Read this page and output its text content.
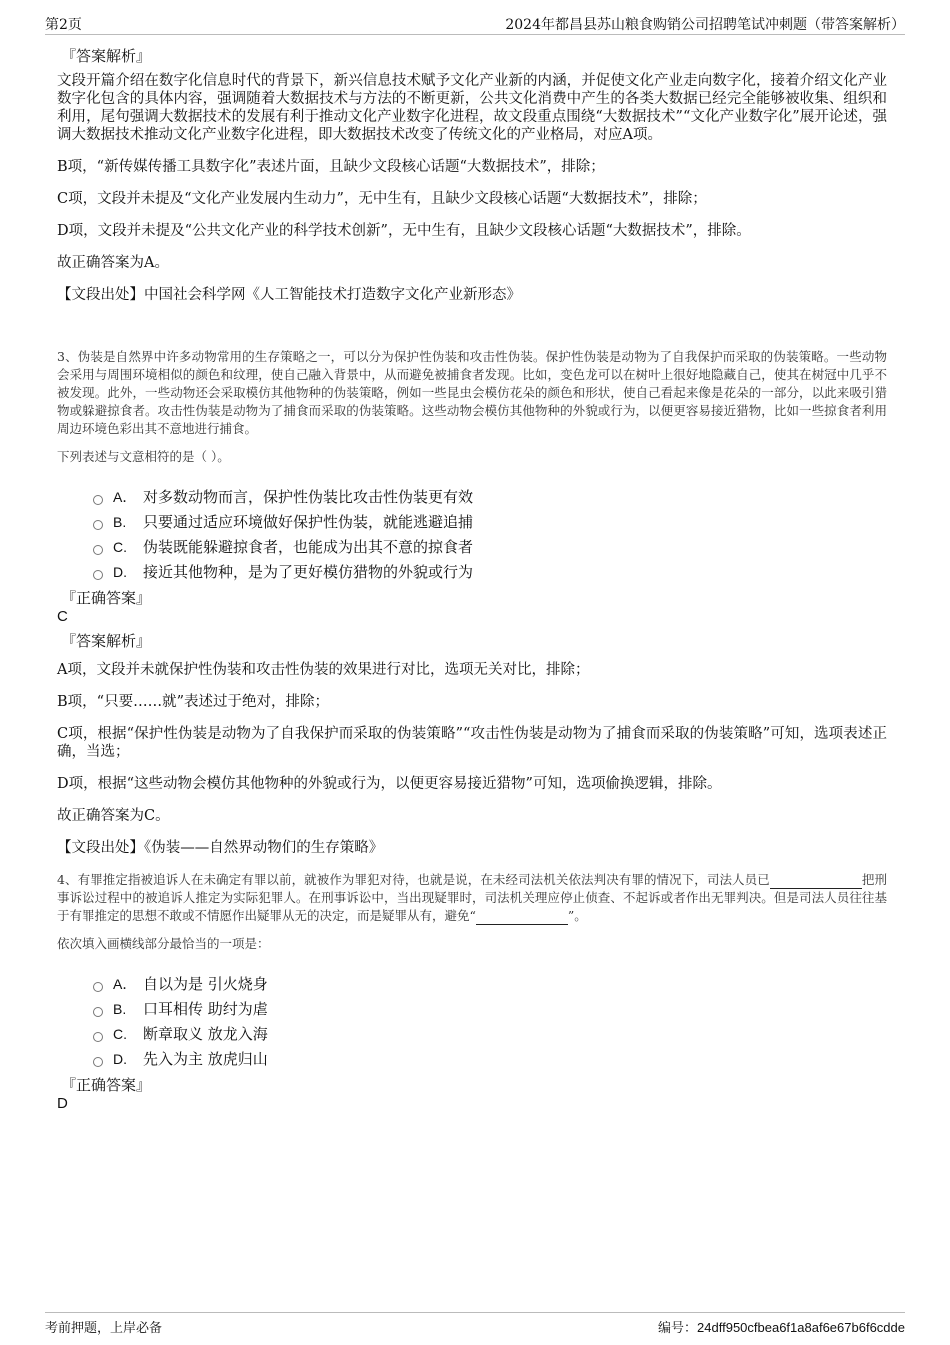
第2页	2024年都昌县苏山粮食购销公司招聘笔试冲刺题（带答案解析）
『答案解析』

文段开篇介绍在数字化信息时代的背景下，新兴信息技术赋予文化产业新的内涵，并促使文化产业走向数字化，接着介绍文化产业数字化包含的具体内容，强调随着大数据技术与方法的不断更新，公共文化消费中产生的各类大数据已经完全能够被收集、组织和利用，尾句强调大数据技术的发展有利于推动文化产业数字化进程，故文段重点围绕“大数据技术”“文化产业数字化”展开论述，强调大数据技术推动文化产业数字化进程，即大数据技术改变了传统文化的产业格局，对应A项。

B项，“新传媒传播工具数字化”表述片面，且缺少文段核心话题“大数据技术”，排除；

C项，文段并未提及“文化产业发展内生动力”，无中生有，且缺少文段核心话题“大数据技术”，排除；

D项，文段并未提及“公共文化产业的科学技术创新”，无中生有，且缺少文段核心话题“大数据技术”，排除。

故正确答案为A。

【文段出处】中国社会科学网《人工智能技术打造数字文化产业新形态》

3、伪装是自然界中许多动物常用的生存策略之一，可以分为保护性伪装和攻击性伪装。保护性伪装是动物为了自我保护而采取的伪装策略。一些动物会采用与周围环境相似的颜色和纹理，使自己融入背景中，从而避免被捕食者发现。比如，变色龙可以在树叶上很好地隐藏自己，使其在树冠中几乎不被发现。此外，一些动物还会采取模仿其他物种的伪装策略，例如一些昆虫会模仿花朵的颜色和形状，使自己看起来像是花朵的一部分，以此来吸引猎物或躲避掠食者。攻击性伪装是动物为了捕食而采取的伪装策略。这些动物会模仿其他物种的外貌或行为，以便更容易接近猎物，比如一些掠食者利用周边环境色彩出其不意地进行捕食。

下列表述与文意相符的是（ ）。

A． 对多数动物而言，保护性伪装比攻击性伪装更有效
B.	只要通过适应环境做好保护性伪装，就能逃避追捕
C.	伪装既能躲避掠食者，也能成为出其不意的掠食者
D.	接近其他物种，是为了更好模仿猎物的外貌或行为
『正确答案』
C
『答案解析』

A项，文段并未就保护性伪装和攻击性伪装的效果进行对比，选项无关对比，排除；

B项，“只要……就”表述过于绝对，排除；

C项，根据“保护性伪装是动物为了自我保护而采取的伪装策略”“攻击性伪装是动物为了捕食而采取的伪装策略”可知，选项表述正确，当选；

D项，根据“这些动物会模仿其他物种的外貌或行为，以便更容易接近猎物”可知，选项偷换逻辑，排除。

故正确答案为C。

【文段出处】《伪装——自然界动物们的生存策略》

4、有罪推定指被追诉人在未确定有罪以前，就被作为罪犯对待，也就是说，在未经司法机关依法判决有罪的情况下，司法人员已	把刑事诉讼过程中的被追诉人推定为实际犯罪人。在刑事诉讼中，当出现疑罪时，司法机关理应停止侦查、不起诉或者作出无罪判决。但是司法人员往往基于有罪推定的思想不敢或不情愿作出疑罪从无的决定，而是疑罪从有，避免“	”。

依次填入画横线部分最恰当的一项是：

A． 自以为是 引火烧身
B.	口耳相传 助纣为虐
C.	断章取义 放龙入海
D.	先入为主 放虎归山
『正确答案』
D
考前押题，上岸必备	编号：24dff950cfbea6f1a8af6e67b6f6cdde
